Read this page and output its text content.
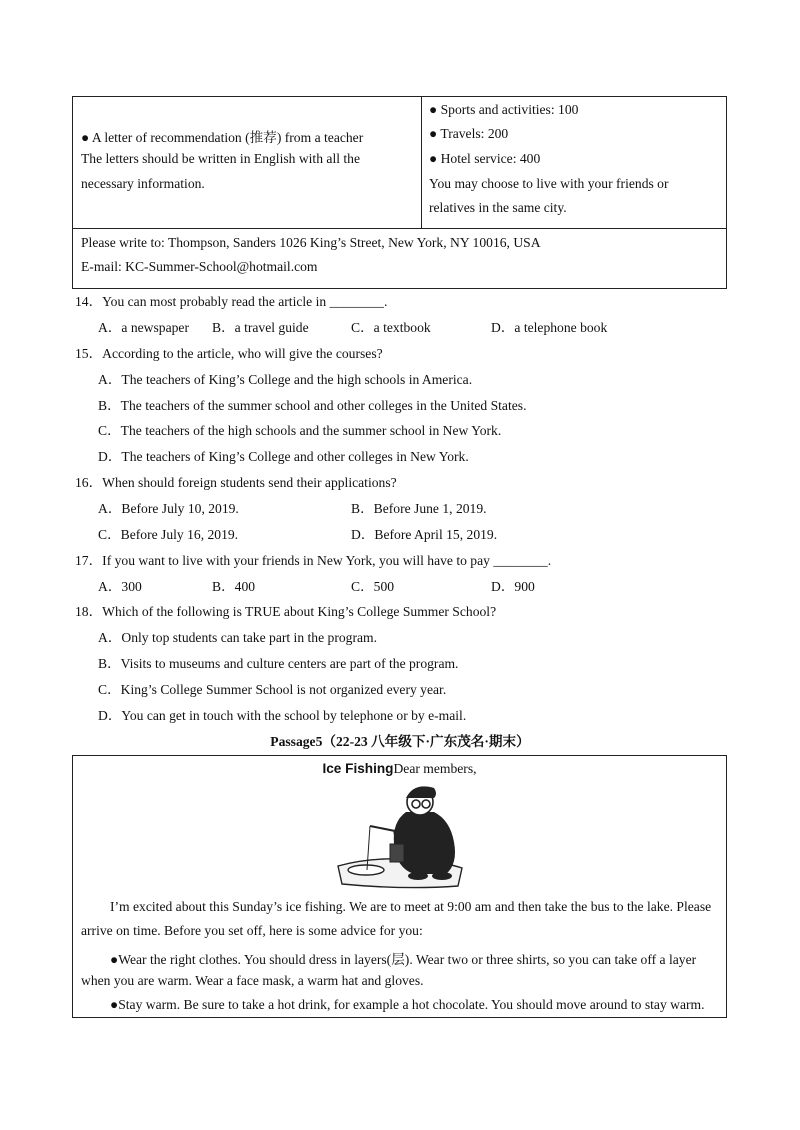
● A letter of recommendation (推荐) from a teacher
The letters should be written in English with all the
necessary information.
● Sports and activities: 100
● Travels: 200
● Hotel service: 400
You may choose to live with your friends or
relatives in the same city.
Please write to: Thompson, Sanders 1026 King’s Street, New York, NY 10016, USA
E-mail: KC-Summer-School@hotmail.com
14．You can most probably read the article in ________.
A．a newspaper B．a travel guide	C．a textbook	D．a telephone book
15．According to the article, who will give the courses?
A．The teachers of King’s College and the high schools in America.
B．The teachers of the summer school and other colleges in the United States.
C．The teachers of the high schools and the summer school in New York.
D．The teachers of King’s College and other colleges in New York.
16．When should foreign students send their applications?
A．Before July 10, 2019.	B．Before June 1, 2019.
C．Before July 16, 2019.	D．Before April 15, 2019.
17．If you want to live with your friends in New York, you will have to pay ________.
A．300	B．400	C．500	D．900
18．Which of the following is TRUE about King’s College Summer School?
A．Only top students can take part in the program.
B．Visits to museums and culture centers are part of the program.
C．King’s College Summer School is not organized every year.
D．You can get in touch with the school by telephone or by e-mail.
Passage5（22-23 八年级下·广东茂名·期末）
Ice FishingDear members,
I’m excited about this Sunday’s ice fishing. We are to meet at 9:00 am and then take the bus to the lake. Please
arrive on time. Before you set off, here is some advice for you:
●Wear the right clothes. You should dress in layers(层). Wear two or three shirts, so you can take off a layer
when you are warm. Wear a face mask, a warm hat and gloves.
●Stay warm. Be sure to take a hot drink, for example a hot chocolate. You should move around to stay warm.
